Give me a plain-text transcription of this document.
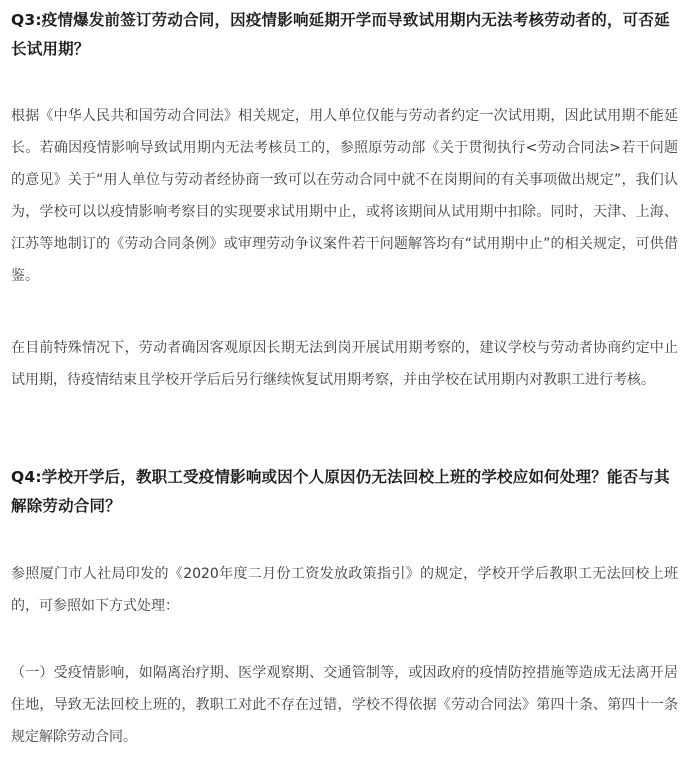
Q3:疫情爆发前签订劳动合同，因疫情影响延期开学而导致试用期内无法考核劳动者的，可否延长试用期？

根据《中华人民共和国劳动合同法》相关规定，用人单位仅能与劳动者约定一次试用期，因此试用期不能延长。若确因疫情影响导致试用期内无法考核员工的，参照原劳动部《关于贯彻执行<劳动合同法>若干问题的意见》关于“用人单位与劳动者经协商一致可以在劳动合同中就不在岗期间的有关事项做出规定”，我们认为，学校可以以疫情影响考察目的实现要求试用期中止，或将该期间从试用期中扣除。同时，天津、上海、江苏等地制订的《劳动合同条例》或审理劳动争议案件若干问题解答均有“试用期中止”的相关规定，可供借鉴。

在目前特殊情况下，劳动者确因客观原因长期无法到岗开展试用期考察的，建议学校与劳动者协商约定中止试用期，待疫情结束且学校开学后后另行继续恢复试用期考察，并由学校在试用期内对教职工进行考核。

Q4:学校开学后，教职工受疫情影响或因个人原因仍无法回校上班的学校应如何处理？能否与其解除劳动合同？

参照厦门市人社局印发的《2020年度二月份工资发放政策指引》的规定，学校开学后教职工无法回校上班的，可参照如下方式处理：

（一）受疫情影响，如隔离治疗期、医学观察期、交通管制等，或因政府的疫情防控措施等造成无法离开居住地，导致无法回校上班的，教职工对此不存在过错，学校不得依据《劳动合同法》第四十条、第四十一条规定解除劳动合同。
